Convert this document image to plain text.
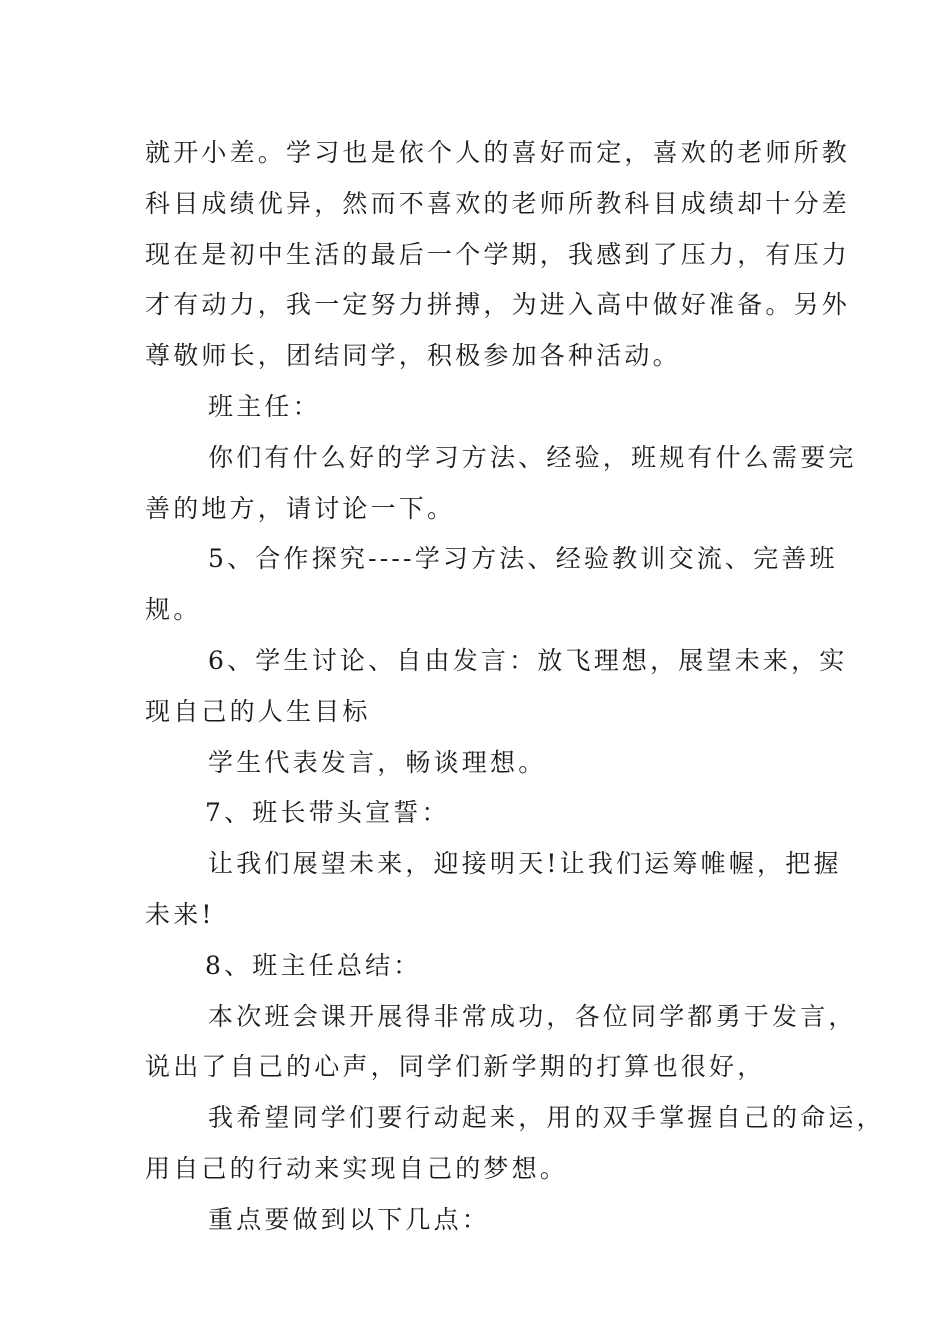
就开小差。学习也是依个人的喜好而定，喜欢的老师所教
科目成绩优异，然而不喜欢的老师所教科目成绩却十分差
现在是初中生活的最后一个学期，我感到了压力，有压力
才有动力，我一定努力拼搏，为进入高中做好准备。另外
尊敬师长，团结同学，积极参加各种活动。
班主任：
你们有什么好的学习方法、经验，班规有什么需要完
善的地方，请讨论一下。
5、合作探究----学习方法、经验教训交流、完善班
规。
6、学生讨论、自由发言：放飞理想，展望未来，实
现自己的人生目标
学生代表发言，畅谈理想。
7、班长带头宣誓：
让我们展望未来，迎接明天!让我们运筹帷幄，把握
未来!
8、班主任总结：
本次班会课开展得非常成功，各位同学都勇于发言，
说出了自己的心声，同学们新学期的打算也很好，
我希望同学们要行动起来，用的双手掌握自己的命运，
用自己的行动来实现自己的梦想。
重点要做到以下几点：
